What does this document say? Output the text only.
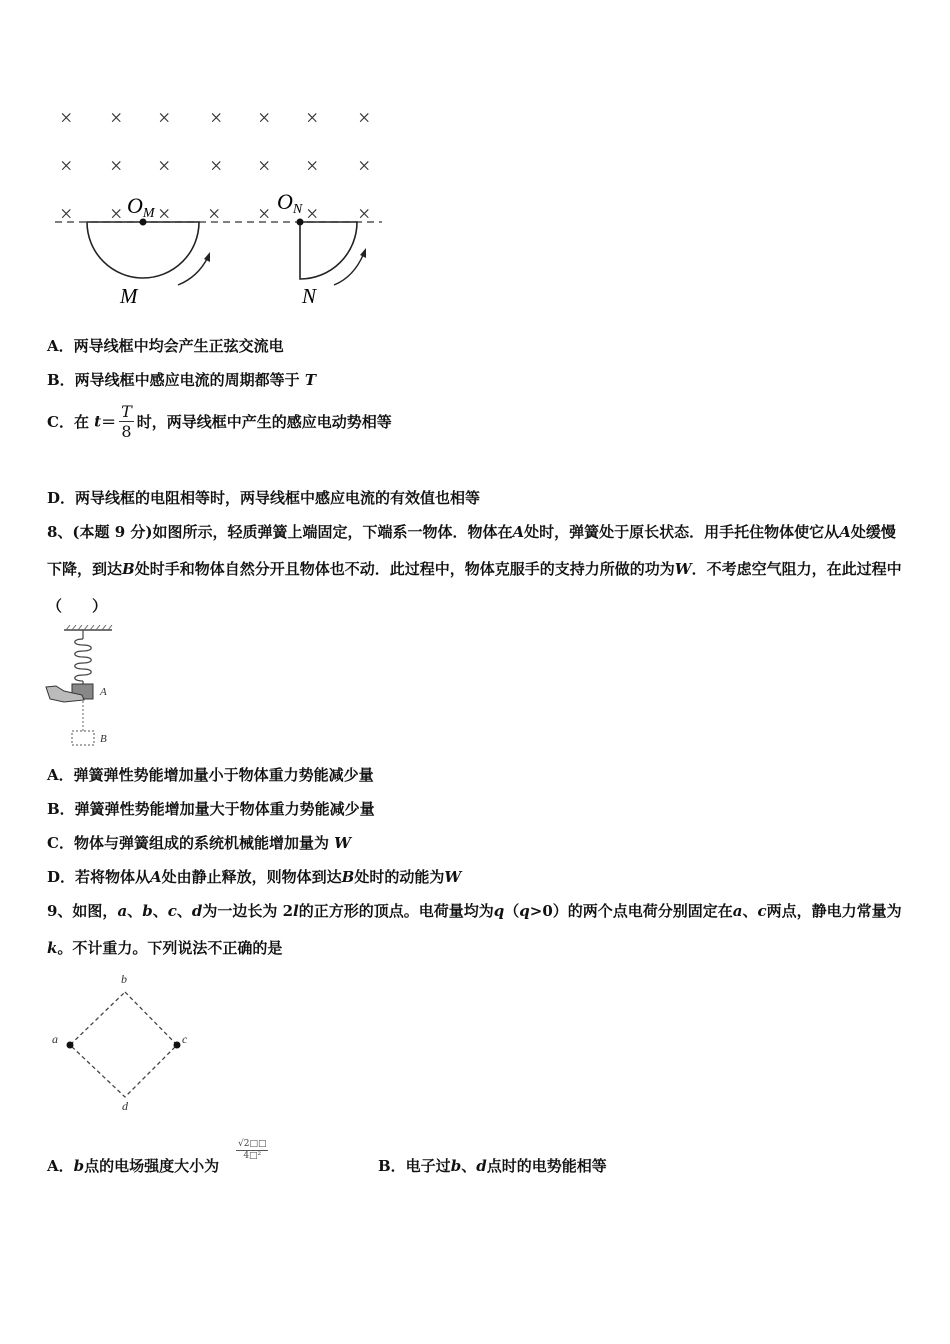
× × × × × × ×
× × × × × × ×
× × × × × × ×
OM	ON
M	N
A．两导线框中均会产生正弦交流电
B．两导线框中感应电流的周期都等于 T
C．在 $t= \frac{T}{8}$ 时，两导线框中产生的感应电动势相等
D．两导线框的电阻相等时，两导线框中感应电流的有效值也相等
8、(本题 9 分)如图所示，轻质弹簧上端固定，下端系一物体．物体在A处时，弹簧处于原长状态．用手托住物体使它从A处缓慢下降，到达B处时手和物体自然分开且物体也不动．此过程中，物体克服手的支持力所做的功为W．不考虑空气阻力，在此过程中（　　）
A
B
A．弹簧弹性势能增加量小于物体重力势能减少量
B．弹簧弹性势能增加量大于物体重力势能减少量
C．物体与弹簧组成的系统机械能增加量为 W
D．若将物体从A处由静止释放，则物体到达B处时的动能为W
9、如图，a、b、c、d为一边长为 2l的正方形的顶点。电荷量均为q（q>0）的两个点电荷分别固定在a、c两点，静电力常量为k。不计重力。下列说法不正确的是
b
a	c
d
A．b点的电场强度大小为
√2□□
4□²
B．电子过b、d点时的电势能相等
